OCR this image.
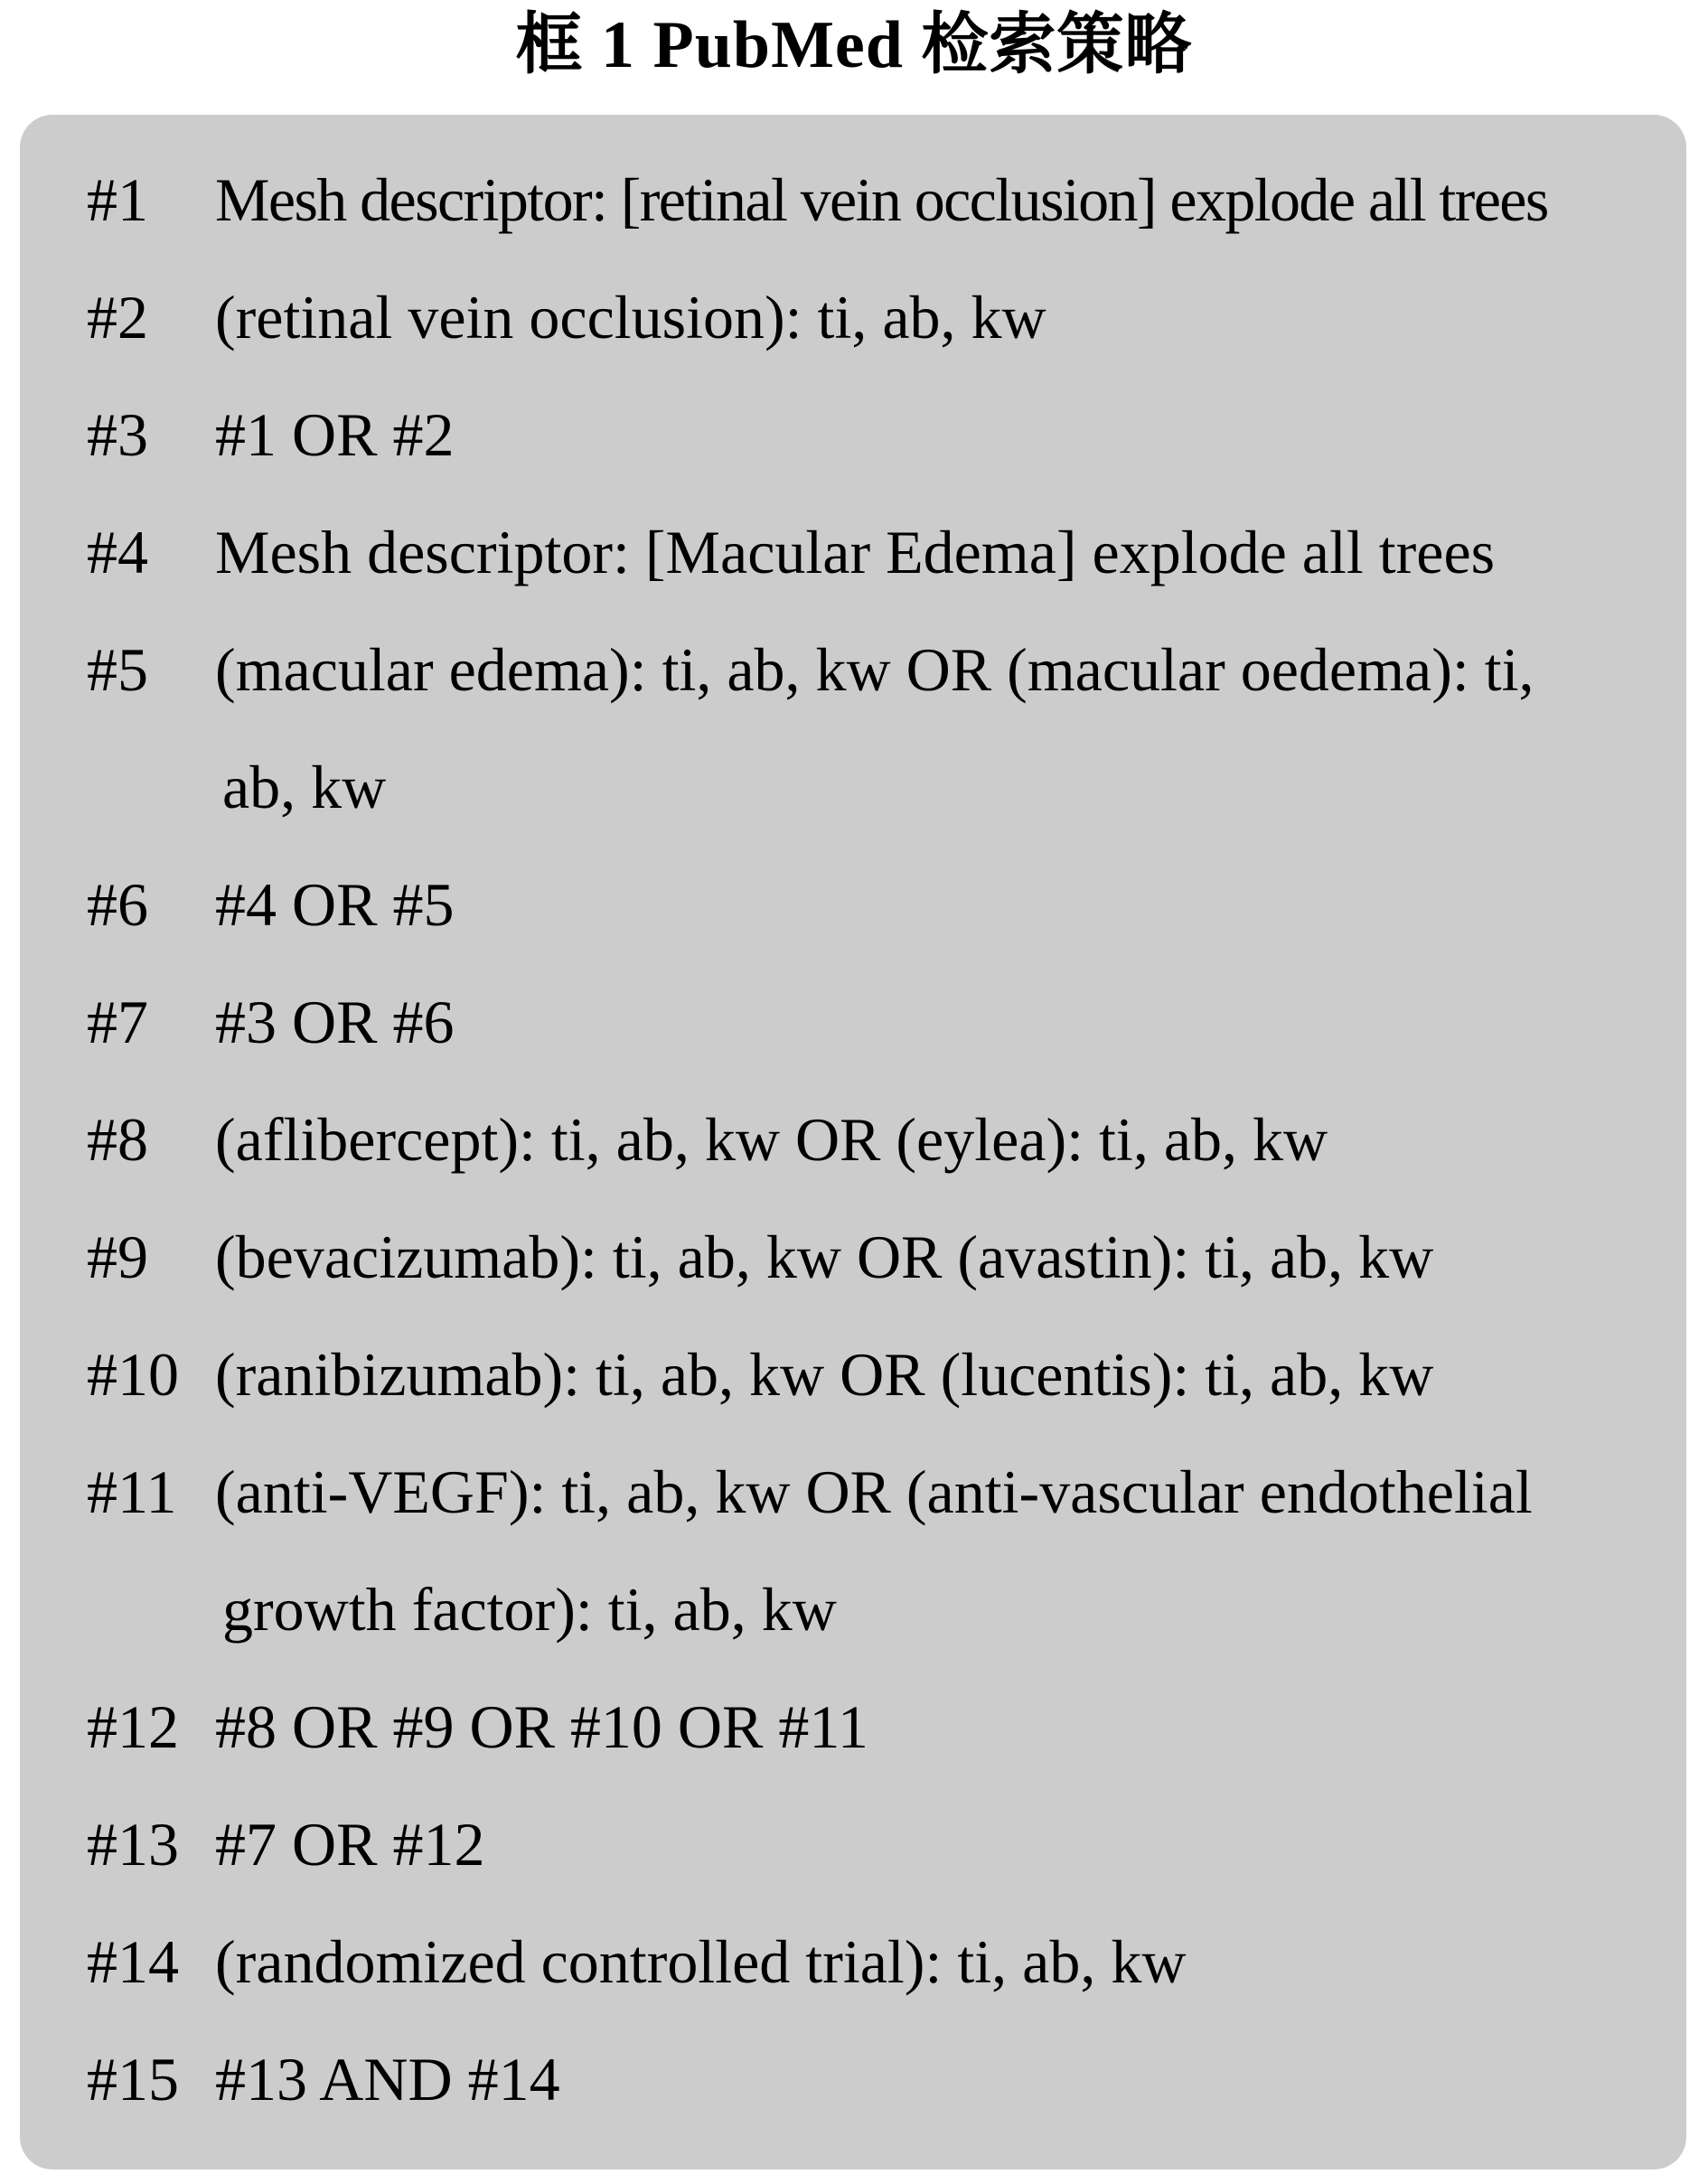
框 1 PubMed 检索策略
#1 Mesh descriptor: [retinal vein occlusion] explode all trees
#2 (retinal vein occlusion): ti, ab, kw
#3 #1 OR #2
#4 Mesh descriptor: [Macular Edema] explode all trees
#5 (macular edema): ti, ab, kw OR (macular oedema): ti,
ab, kw
#6 #4 OR #5
#7 #3 OR #6
#8 (aflibercept): ti, ab, kw OR (eylea): ti, ab, kw
#9 (bevacizumab): ti, ab, kw OR (avastin): ti, ab, kw
#10 (ranibizumab): ti, ab, kw OR (lucentis): ti, ab, kw
#11 (anti-VEGF): ti, ab, kw OR (anti-vascular endothelial
growth factor): ti, ab, kw
#12 #8 OR #9 OR #10 OR #11
#13 #7 OR #12
#14 (randomized controlled trial): ti, ab, kw
#15 #13 AND #14
